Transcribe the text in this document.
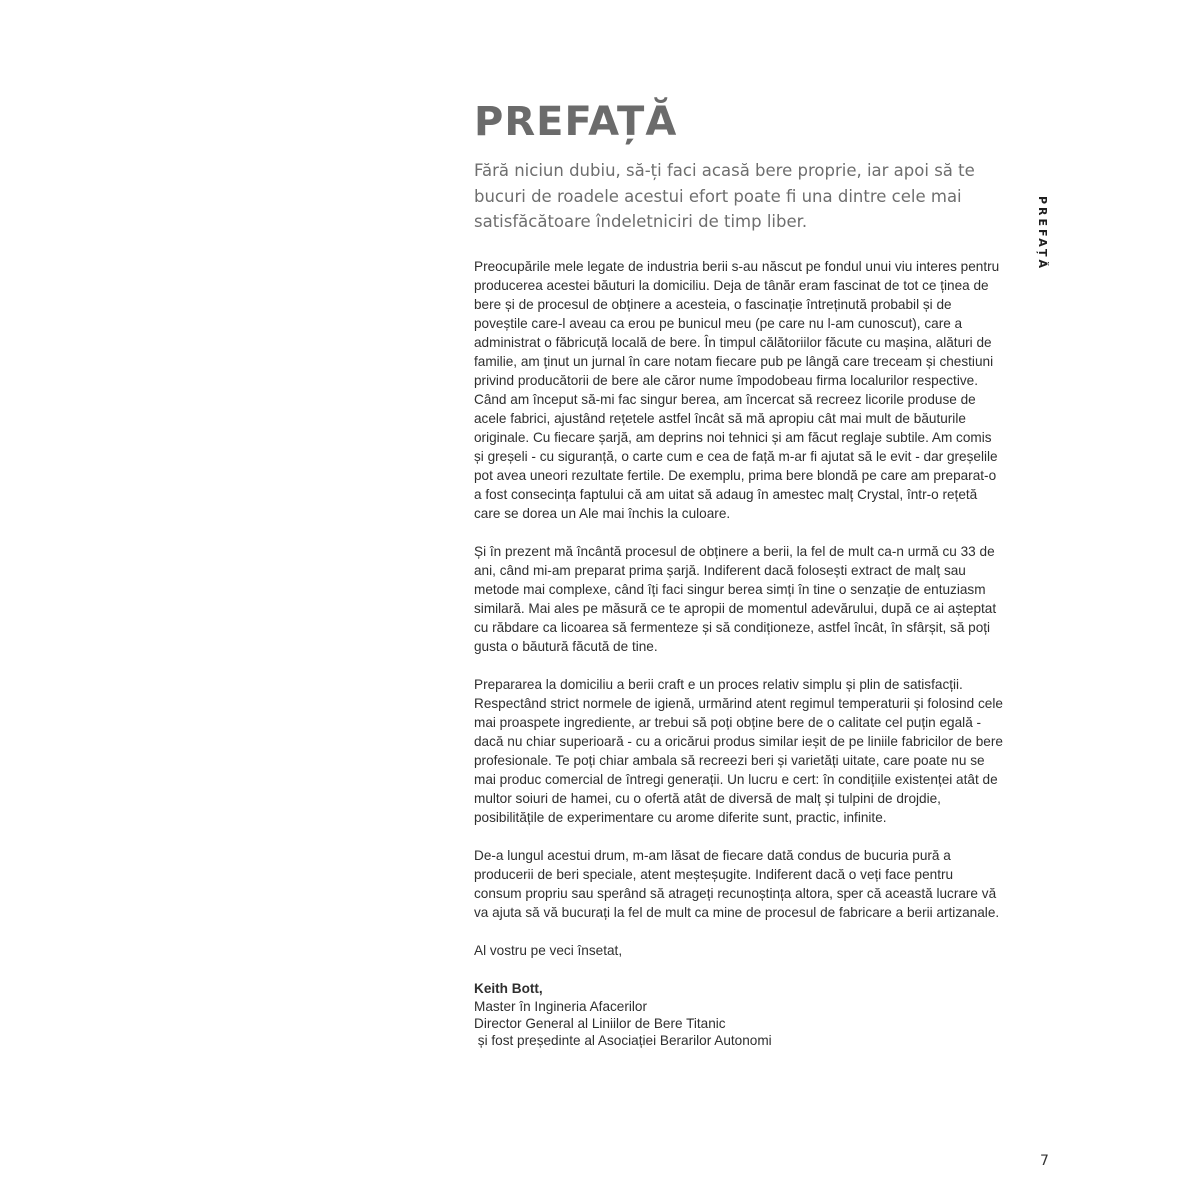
PREFAȚĂ
PREFAȚĂ

Fără niciun dubiu, să-ți faci acasă bere proprie, iar apoi să te bucuri de roadele acestui efort poate fi una dintre cele mai satisfăcătoare îndeletniciri de timp liber.

Preocupările mele legate de industria berii s-au născut pe fondul unui viu interes pentru producerea acestei băuturi la domiciliu. Deja de tânăr eram fascinat de tot ce ținea de bere și de procesul de obținere a acesteia, o fascinație întreținută probabil și de poveștile care-l aveau ca erou pe bunicul meu (pe care nu l-am cunoscut), care a administrat o făbricuță locală de bere. În timpul călătoriilor făcute cu mașina, alături de familie, am ținut un jurnal în care notam fiecare pub pe lângă care treceam și chestiuni privind producătorii de bere ale căror nume împodobeau firma localurilor respective. Când am început să-mi fac singur berea, am încercat să recreez licorile produse de acele fabrici, ajustând rețetele astfel încât să mă apropiu cât mai mult de băuturile originale. Cu fiecare șarjă, am deprins noi tehnici și am făcut reglaje subtile. Am comis și greșeli - cu siguranță, o carte cum e cea de față m-ar fi ajutat să le evit - dar greșelile pot avea uneori rezultate fertile. De exemplu, prima bere blondă pe care am preparat-o a fost consecința faptului că am uitat să adaug în amestec malț Crystal, într-o rețetă care se dorea un Ale mai închis la culoare.

Și în prezent mă încântă procesul de obținere a berii, la fel de mult ca-n urmă cu 33 de ani, când mi-am preparat prima șarjă. Indiferent dacă folosești extract de malț sau metode mai complexe, când îți faci singur berea simți în tine o senzație de entuziasm similară. Mai ales pe măsură ce te apropii de momentul adevărului, după ce ai așteptat cu răbdare ca licoarea să fermenteze și să condiționeze, astfel încât, în sfârșit, să poți gusta o băutură făcută de tine.

Prepararea la domiciliu a berii craft e un proces relativ simplu și plin de satisfacții. Respectând strict normele de igienă, urmărind atent regimul temperaturii și folosind cele mai proaspete ingrediente, ar trebui să poți obține bere de o calitate cel puțin egală - dacă nu chiar superioară - cu a oricărui produs similar ieșit de pe liniile fabricilor de bere profesionale. Te poți chiar ambala să recreezi beri și varietăți uitate, care poate nu se mai produc comercial de întregi generații. Un lucru e cert: în condițiile existenței atât de multor soiuri de hamei, cu o ofertă atât de diversă de malț și tulpini de drojdie, posibilitățile de experimentare cu arome diferite sunt, practic, infinite.

De-a lungul acestui drum, m-am lăsat de fiecare dată condus de bucuria pură a producerii de beri speciale, atent meșteșugite. Indiferent dacă o veți face pentru consum propriu sau sperând să atrageți recunoștința altora, sper că această lucrare vă va ajuta să vă bucurați la fel de mult ca mine de procesul de fabricare a berii artizanale.

Al vostru pe veci însetat,

Keith Bott,
Master în Ingineria Afacerilor
Director General al Liniilor de Bere Titanic
și fost președinte al Asociației Berarilor Autonomi
7
